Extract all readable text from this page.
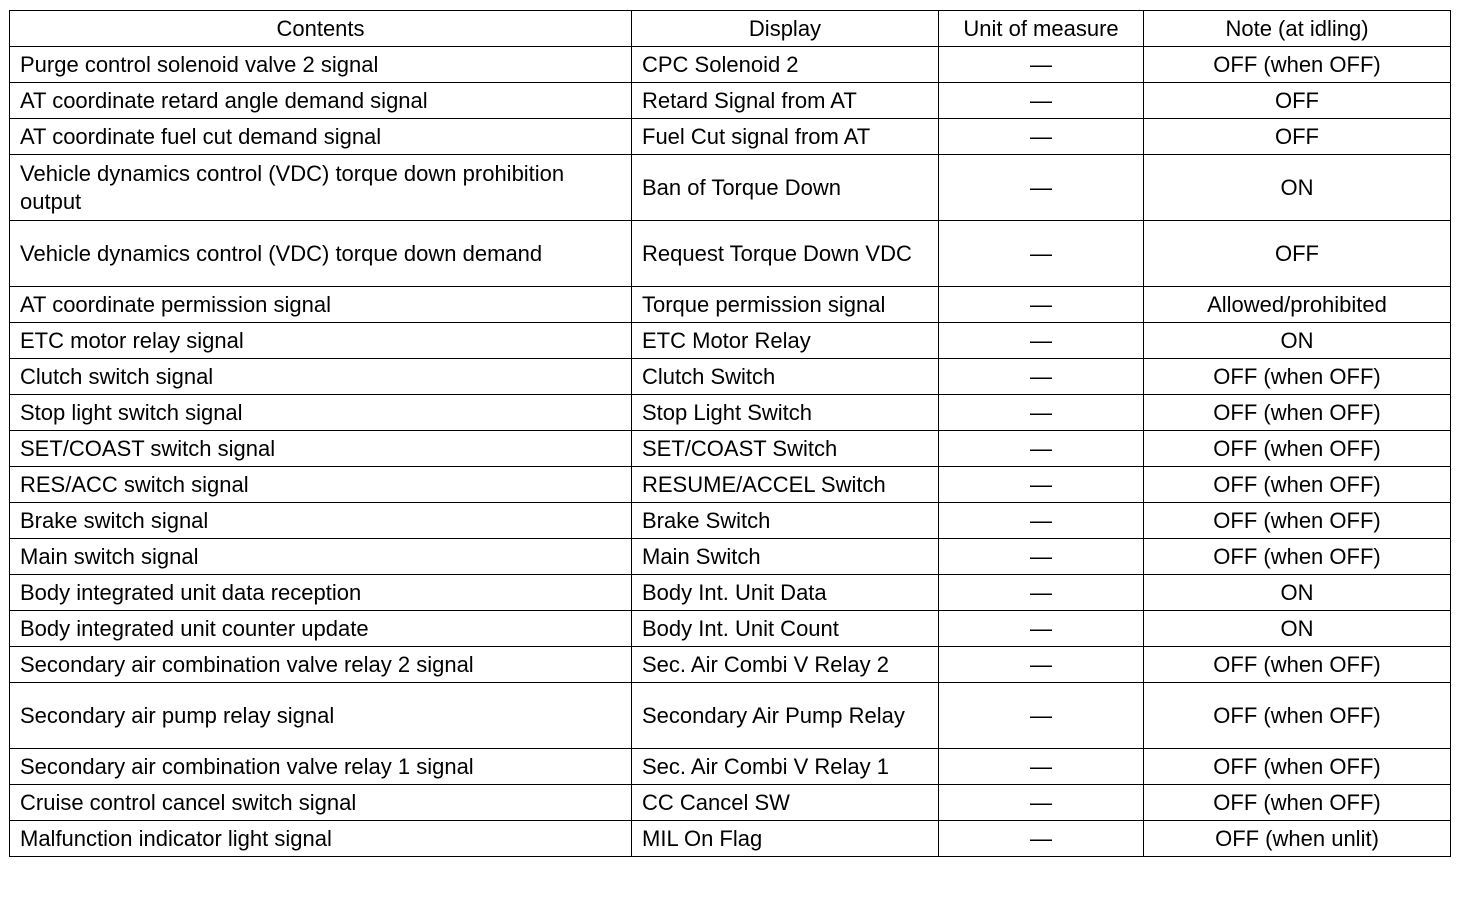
Contents	Display	Unit of measure	Note (at idling)
Purge control solenoid valve 2 signal	CPC Solenoid 2	—	OFF (when OFF)
AT coordinate retard angle demand signal	Retard Signal from AT	—	OFF
AT coordinate fuel cut demand signal	Fuel Cut signal from AT	—	OFF
Vehicle dynamics control (VDC) torque down prohibition output	Ban of Torque Down	—	ON
Vehicle dynamics control (VDC) torque down demand	Request Torque Down VDC	—	OFF
AT coordinate permission signal	Torque permission signal	—	Allowed/prohibited
ETC motor relay signal	ETC Motor Relay	—	ON
Clutch switch signal	Clutch Switch	—	OFF (when OFF)
Stop light switch signal	Stop Light Switch	—	OFF (when OFF)
SET/COAST switch signal	SET/COAST Switch	—	OFF (when OFF)
RES/ACC switch signal	RESUME/ACCEL Switch	—	OFF (when OFF)
Brake switch signal	Brake Switch	—	OFF (when OFF)
Main switch signal	Main Switch	—	OFF (when OFF)
Body integrated unit data reception	Body Int. Unit Data	—	ON
Body integrated unit counter update	Body Int. Unit Count	—	ON
Secondary air combination valve relay 2 signal	Sec. Air Combi V Relay 2	—	OFF (when OFF)
Secondary air pump relay signal	Secondary Air Pump Relay	—	OFF (when OFF)
Secondary air combination valve relay 1 signal	Sec. Air Combi V Relay 1	—	OFF (when OFF)
Cruise control cancel switch signal	CC Cancel SW	—	OFF (when OFF)
Malfunction indicator light signal	MIL On Flag	—	OFF (when unlit)
